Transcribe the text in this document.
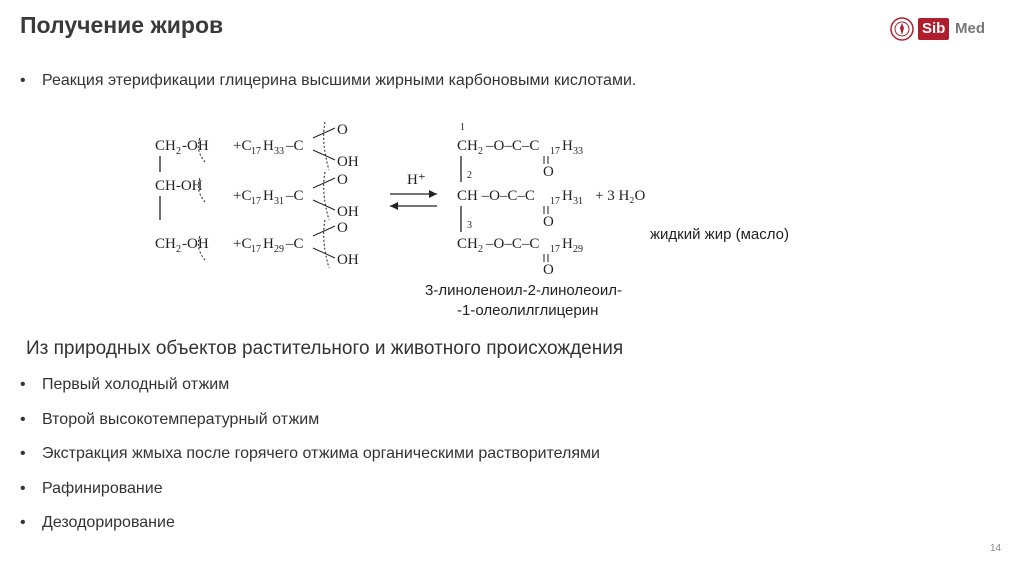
Получение жиров	Sib Med
• Реакция этерификации глицерина высшими жирными карбоновыми кислотами.
CH 2 -OH
CH-OH
CH 2 -OH
+C 17 H 33 –C
O
OH
+C 17 H 31 –C
O
OH
+C 17 H 29 –C
O
OH
H⁺
1
CH 2 –O–C–C 17 H 33
2	O
CH –O–C–C 17 H 31 + 3 H₂O
3	O
CH 2 –O–C–C 17 H 29
O
жидкий жир (масло)
3-линоленоил-2-линолеоил-
-1-олеолилглицерин
Из природных объектов растительного и животного происхождения
• Первый холодный отжим
• Второй высокотемпературный отжим
• Экстракция жмыха после горячего отжима органическими растворителями
• Рафинирование
• Дезодорирование
14
